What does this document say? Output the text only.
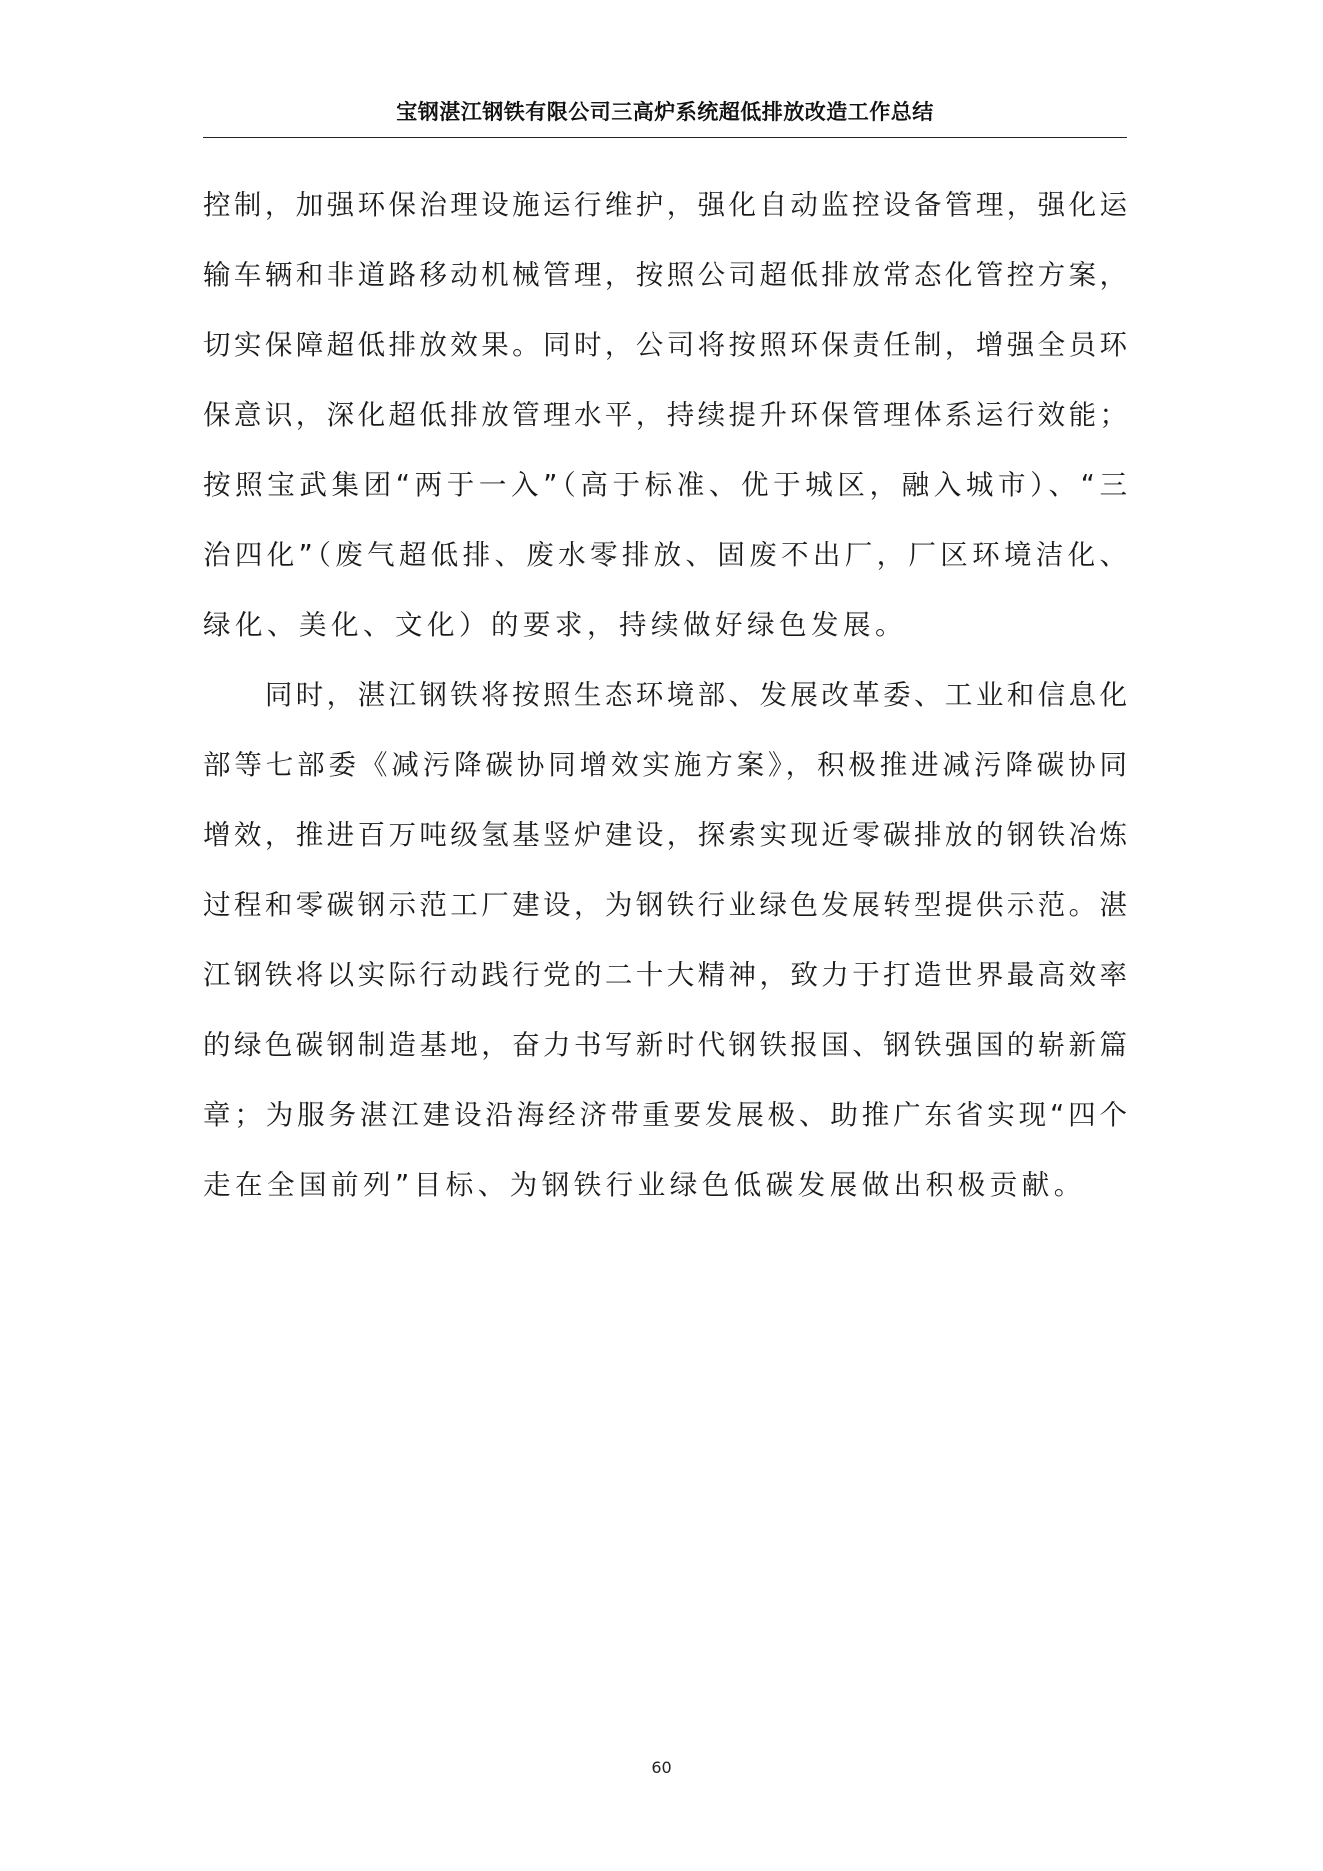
宝钢湛江钢铁有限公司三高炉系统超低排放改造工作总结
控制，加强环保治理设施运行维护，强化自动监控设备管理，强化运
输车辆和非道路移动机械管理，按照公司超低排放常态化管控方案，
切实保障超低排放效果。同时，公司将按照环保责任制，增强全员环
保意识，深化超低排放管理水平，持续提升环保管理体系运行效能；
按照宝武集团“两于一入”（高于标准、优于城区，融入城市）、“三
治四化”（废气超低排、废水零排放、固废不出厂，厂区环境洁化、
绿化、美化、文化）的要求，持续做好绿色发展。
　　同时，湛江钢铁将按照生态环境部、发展改革委、工业和信息化
部等七部委《减污降碳协同增效实施方案》，积极推进减污降碳协同
增效，推进百万吨级氢基竖炉建设，探索实现近零碳排放的钢铁冶炼
过程和零碳钢示范工厂建设，为钢铁行业绿色发展转型提供示范。湛
江钢铁将以实际行动践行党的二十大精神，致力于打造世界最高效率
的绿色碳钢制造基地，奋力书写新时代钢铁报国、钢铁强国的崭新篇
章；为服务湛江建设沿海经济带重要发展极、助推广东省实现“四个
走在全国前列”目标、为钢铁行业绿色低碳发展做出积极贡献。
60
